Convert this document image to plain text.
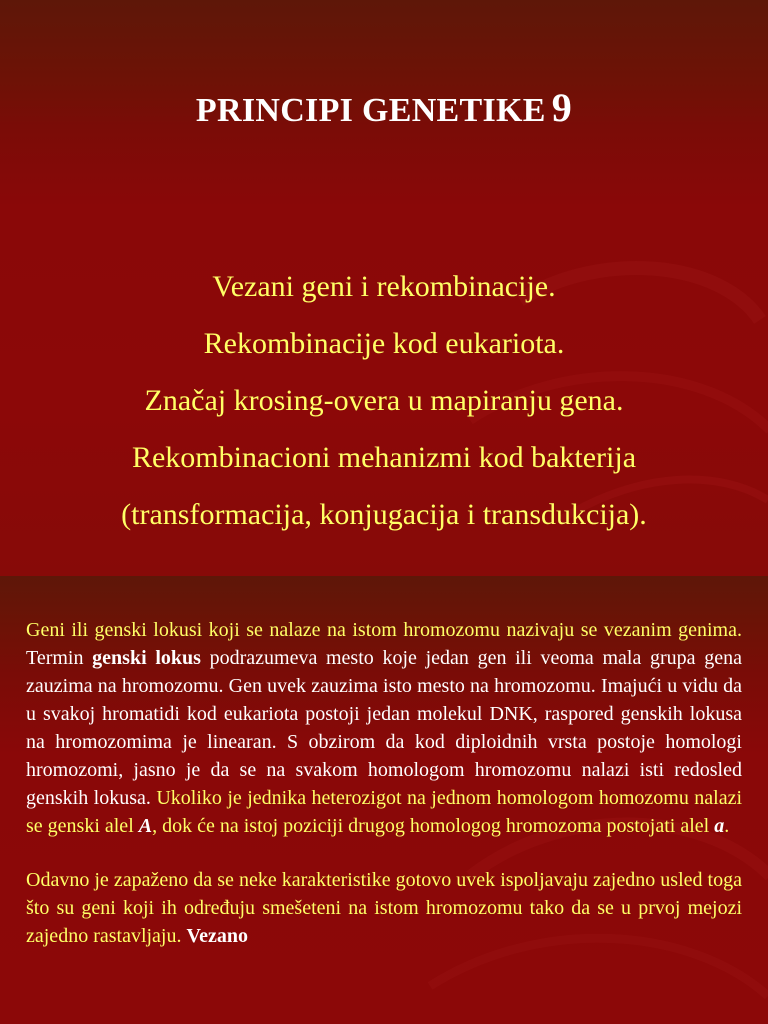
PRINCIPI GENETIKE 9
Vezani geni i rekombinacije.
Rekombinacije kod eukariota.
Značaj krosing-overa u mapiranju gena.
Rekombinacioni mehanizmi kod bakterija
(transformacija, konjugacija i transdukcija).

Geni ili genski lokusi koji se nalaze na istom hromozomu nazivaju se vezanim genima. Termin genski lokus podrazumeva mesto koje jedan gen ili veoma mala grupa gena zauzima na hromozomu. Gen uvek zauzima isto mesto na hromozomu. Imajući u vidu da u svakoj hromatidi kod eukariota postoji jedan molekul DNK, raspored genskih lokusa na hromozomima je linearan. S obzirom da kod diploidnih vrsta postoje homologi hromozomi, jasno je da se na svakom homologom hromozomu nalazi isti redosled genskih lokusa. Ukoliko je jednika heterozigot na jednom homologom homozomu nalazi se genski alel A, dok će na istoj poziciji drugog homologog hromozoma postojati alel a.

Odavno je zapaženo da se neke karakteristike gotovo uvek ispoljavaju zajedno usled toga što su geni koji ih određuju smešeteni na istom hromozomu tako da se u prvoj mejozi zajedno rastavljaju. Vezano
